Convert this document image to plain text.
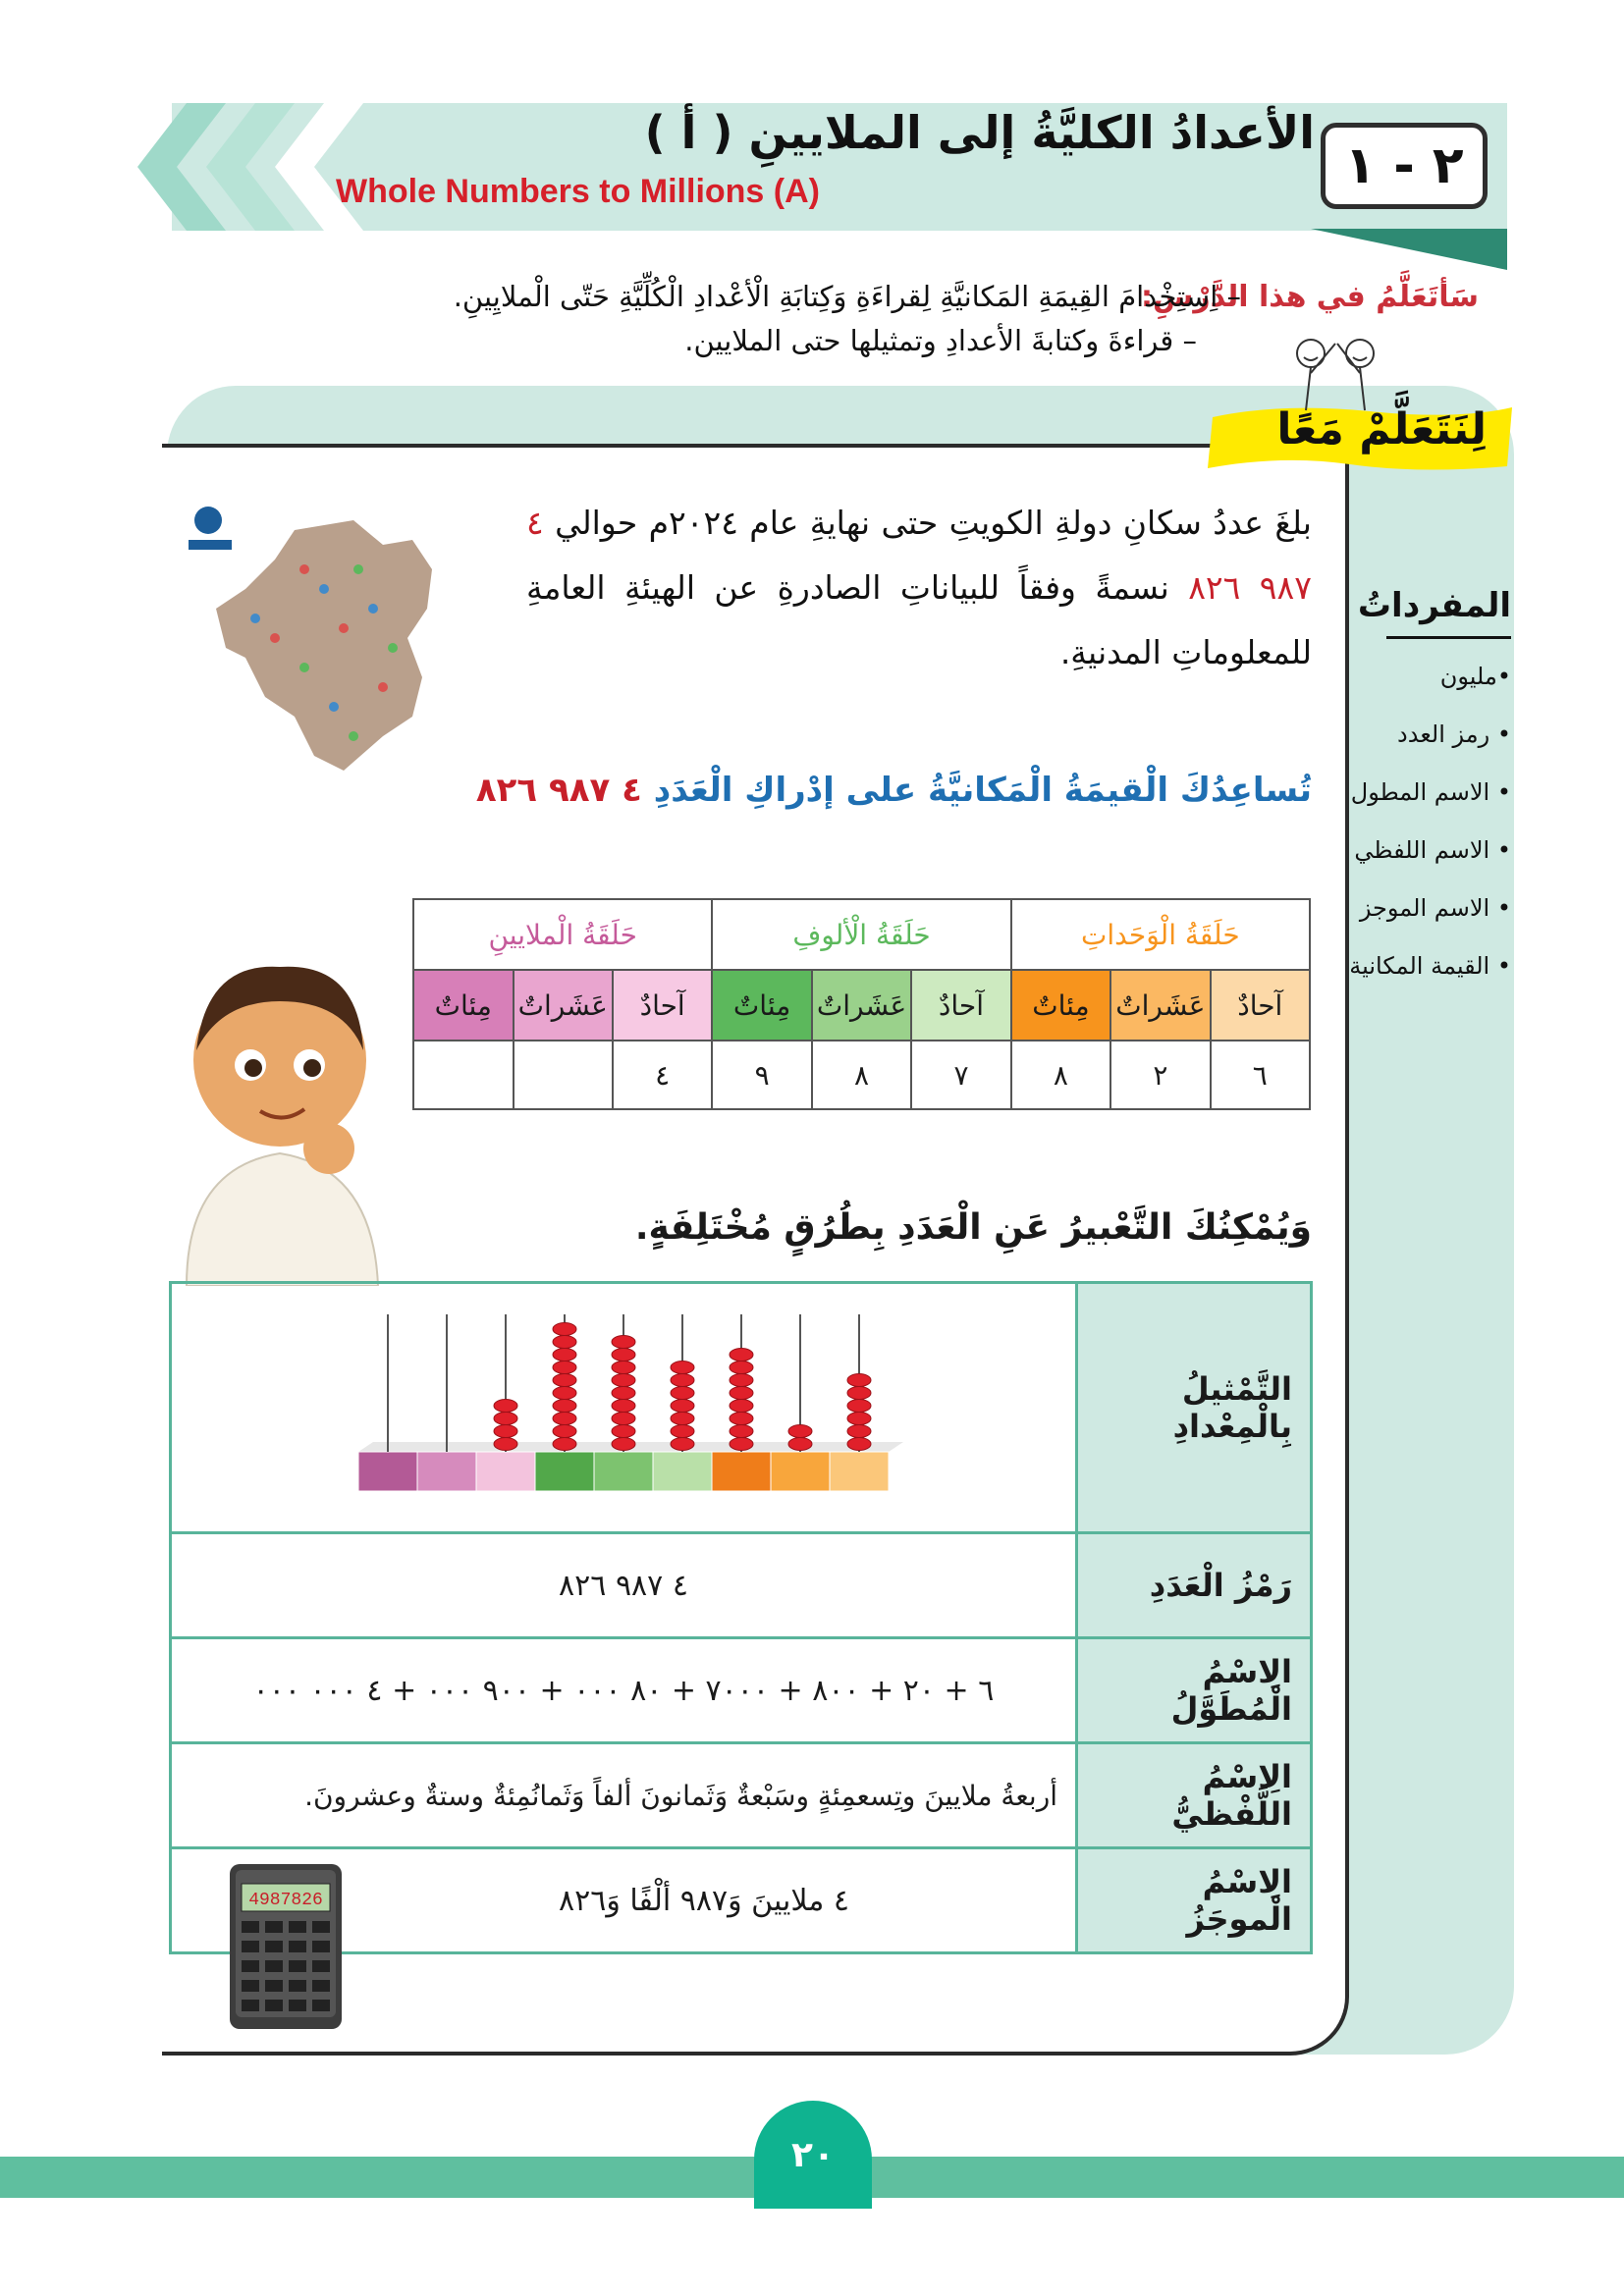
٢ - ١
الأعدادُ الكليَّةُ إلى الملايينِ ( أ )
Whole Numbers to Millions (A)
سَأتَعَلَّمُ في هذا الدَّرْسِ:
– اِستِخْدامَ القِيمَةِ المَكانيَّةِ لِقراءَةِ وَكِتابَةِ الْأعْدادِ الْكُلِّيَّةِ حَتّى الْملايِينِ.
– قراءةَ وكتابةَ الأعدادِ وتمثيلها حتى الملايين.
لِنَتَعَلَّمْ مَعًا
المفرداتُ
•مليون
• رمز العدد
• الاسم المطول
• الاسم اللفظي
• الاسم الموجز
• القيمة المكانية
بلغَ عددُ سكانِ دولةِ الكويتِ حتى نهايةِ عام ٢٠٢٤م حوالي ٤ ٩٨٧ ٨٢٦ نسمةً وفقاً للبياناتِ الصادرةِ عن الهيئةِ العامةِ للمعلوماتِ المدنيةِ.
تُساعِدُكَ الْقيمَةُ الْمَكانيَّةُ على إدْراكِ الْعَدَدِ ٤ ٩٨٧ ٨٢٦
حَلَقَةُ الْوَحَداتِ			حَلَقَةُ الْألوفِ			حَلَقَةُ الْملايينِ		
آحادٌ	عَشَراتٌ	مِئاتٌ	آحادٌ	عَشَراتٌ	مِئاتٌ	آحادٌ	عَشَراتٌ	مِئاتٌ
٦	٢	٨	٧	٨	٩	٤		
وَيُمْكِنُكَ التَّعْبيرُ عَنِ الْعَدَدِ بِطُرُقٍ مُخْتَلِفَةٍ.
التَّمْثيلُ بِالْمِعْدادِ	

رَمْزُ الْعَدَدِ	٤ ٩٨٧ ٨٢٦
الِاسْمُ الْمُطَوَّلُ	٦ + ٢٠ + ٨٠٠ + ٧٠٠٠ + ٨٠ ٠٠٠ + ٩٠٠ ٠٠٠ + ٤ ٠٠٠ ٠٠٠
الِاسْمُ اللَّفْظيُّ	أربعةُ ملايينَ وتِسعمِئةٍ وسَبْعةٌ وَثَمانونَ ألفاً وَثَمانُمِئةٌ وستةٌ وعشرونَ.
الِاسْمُ الْموجَزُ	٤ ملايينَ وَ٩٨٧ ألْفًا وَ٨٢٦
4987826
٢٠
